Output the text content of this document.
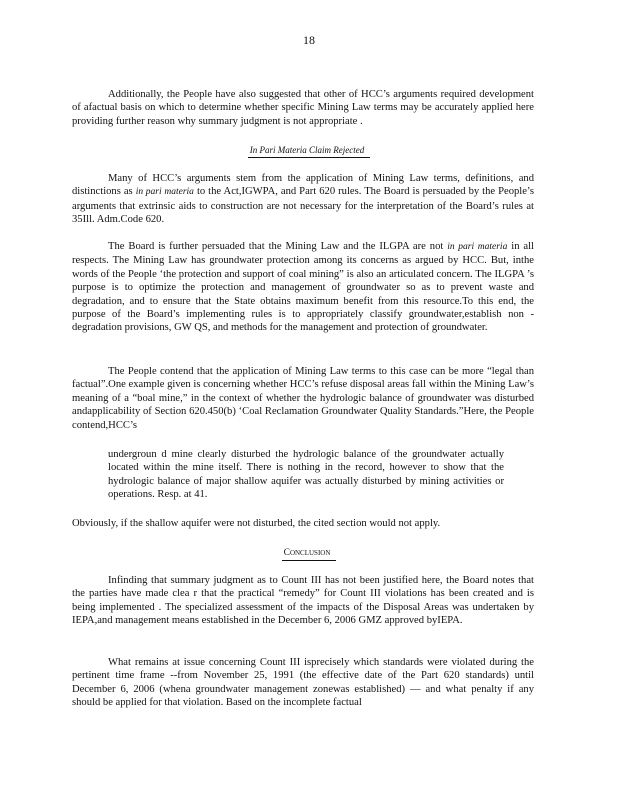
18

Additionally, the People have also suggested that other of HCC’s arguments required development of afactual basis on which to determine whether specific Mining Law terms may be accurately applied here providing further reason why summary judgment is not appropriate .

In Pari Materia Claim Rejected

Many of HCC’s arguments stem from the application of Mining Law terms, definitions, and distinctions as in pari materia to the Act,IGWPA, and Part 620 rules. The Board is persuaded by the People’s arguments that extrinsic aids to construction are not necessary for the interpretation of the Board’s rules at 35Ill. Adm.Code 620.

The Board is further persuaded that the Mining Law and the ILGPA are not in pari materia in all respects. The Mining Law has groundwater protection among its concerns as argued by HCC. But, inthe words of the People ‘the protection and support of coal mining” is also an articulated concern. The ILGPA ’s purpose is to optimize the protection and management of groundwater so as to prevent waste and degradation, and to ensure that the State obtains maximum benefit from this resource.To this end, the purpose of the Board’s implementing rules is to appropriately classify groundwater,establish non -degradation provisions, GW QS, and methods for the management and protection of groundwater.

The People contend that the application of Mining Law terms to this case can be more “legal than factual”.One example given is concerning whether HCC’s refuse disposal areas fall within the Mining Law’s meaning of a “boal mine,” in the context of whether the hydrologic balance of groundwater was disturbed andapplicability of Section 620.450(b) ‘Coal Reclamation Groundwater Quality Standards.”Here, the People contend,HCC’s

undergroun d mine clearly disturbed the hydrologic balance of the groundwater actually located within the mine itself. There is nothing in the record, however to show that the hydrologic balance of major shallow aquifer was actually disturbed by mining activities or operations. Resp. at 41.

Obviously, if the shallow aquifer were not disturbed, the cited section would not apply.

Conclusion

Infinding that summary judgment as to Count III has not been justified here, the Board notes that the parties have made clea r that the practical “remedy” for Count III violations has been created and is being implemented . The specialized assessment of the impacts of the Disposal Areas was undertaken by IEPA,and management means established in the December 6, 2006 GMZ approved byIEPA.

What remains at issue concerning Count III isprecisely which standards were violated during the pertinent time frame --from November 25, 1991 (the effective date of the Part 620 standards) until December 6, 2006 (whena groundwater management zonewas established) — and what penalty if any should be applied for that violation. Based on the incomplete factual
